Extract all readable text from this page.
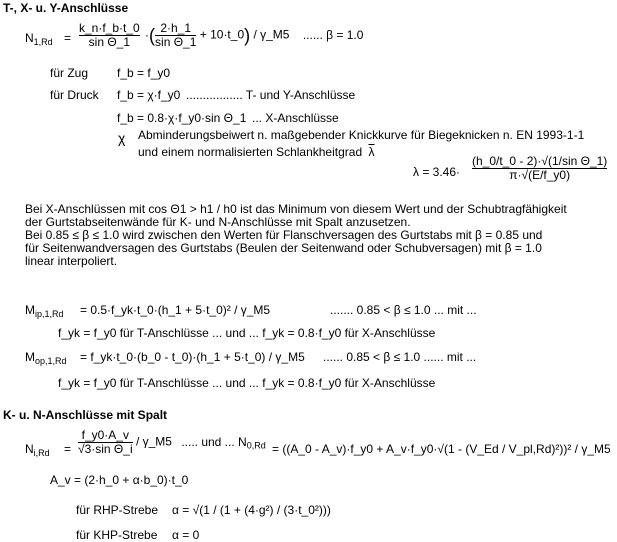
T-, X- u. Y-Anschlüsse
$N_{1,Rd} = \frac{k\_n\cdot f\_b\cdot t\_0}{\text{sin Θ\_1}}$ ·( $\frac{2\cdot h\_1}{\text{sin Θ\_1}}$ + 10·t_0) / γ_M5 ...... β = 1.0
für Zug f_b = f_y0
für Druck f_b = χ·f_y0 ................. T- und Y-Anschlüsse
f_b = 0.8·χ·f_y0·sin Θ_1 ... X-Anschlüsse
χ Abminderungsbeiwert n. maßgebender Knickkurve für Biegeknicken n. EN 1993-1-1
und einem normalisierten Schlankheitgrad $\overline{\lambda}$
$\lambda = 3.46\cdot \frac{\text{(h\_0/t\_0 - 2)·√(1/sin Θ\_1)}}{\pi\cdot√(E/f\_y0)}$
Bei X-Anschlüssen mit cos Θ1 > h1 / h0 ist das Minimum von diesem Wert und der Schubtragfähigkeit
der Gurtstabseitenwände für K- und N-Anschlüsse mit Spalt anzusetzen.
Bei 0.85 ≤ β ≤ 1.0 wird zwischen den Werten für Flanschversagen des Gurtstabs mit β = 0.85 und
für Seitenwandversagen des Gurtstabs (Beulen der Seitenwand oder Schubversagen) mit β = 1.0
linear interpoliert.
$M_{ip,1,Rd}$ = 0.5·f_yk·t_0·(h_1 + 5·t_0)² / γ_M5	....... 0.85 < β ≤ 1.0 ... mit ...
f_yk = f_y0 für T-Anschlüsse ... und ... f_yk = 0.8·f_y0 für X-Anschlüsse
$M_{op,1,Rd}$ = f_yk·t_0·(b_0 - t_0)·(h_1 + 5·t_0) / γ_M5 ...... 0.85 < β ≤ 1.0 ...... mit ...
f_yk = f_y0 für T-Anschlüsse ... und ... f_yk = 0.8·f_y0 für X-Anschlüsse
K- u. N-Anschlüsse mit Spalt
$N_{i,Rd} = \frac{f\_y0\cdot A\_v}{\text{√3·sin Θ\_i}}$ / γ_M5 ..... und ... $N_{0,Rd}$ = ((A_0 - A_v)·f_y0 + A_v·f_y0·√(1 - (V_Ed / V_pl,Rd)²))² / γ_M5
A_v = (2·h_0 + α·b_0)·t_0
für RHP-Strebe α = √(1 / (1 + (4·g²) / (3·t_0²)))
für KHP-Strebe α = 0
